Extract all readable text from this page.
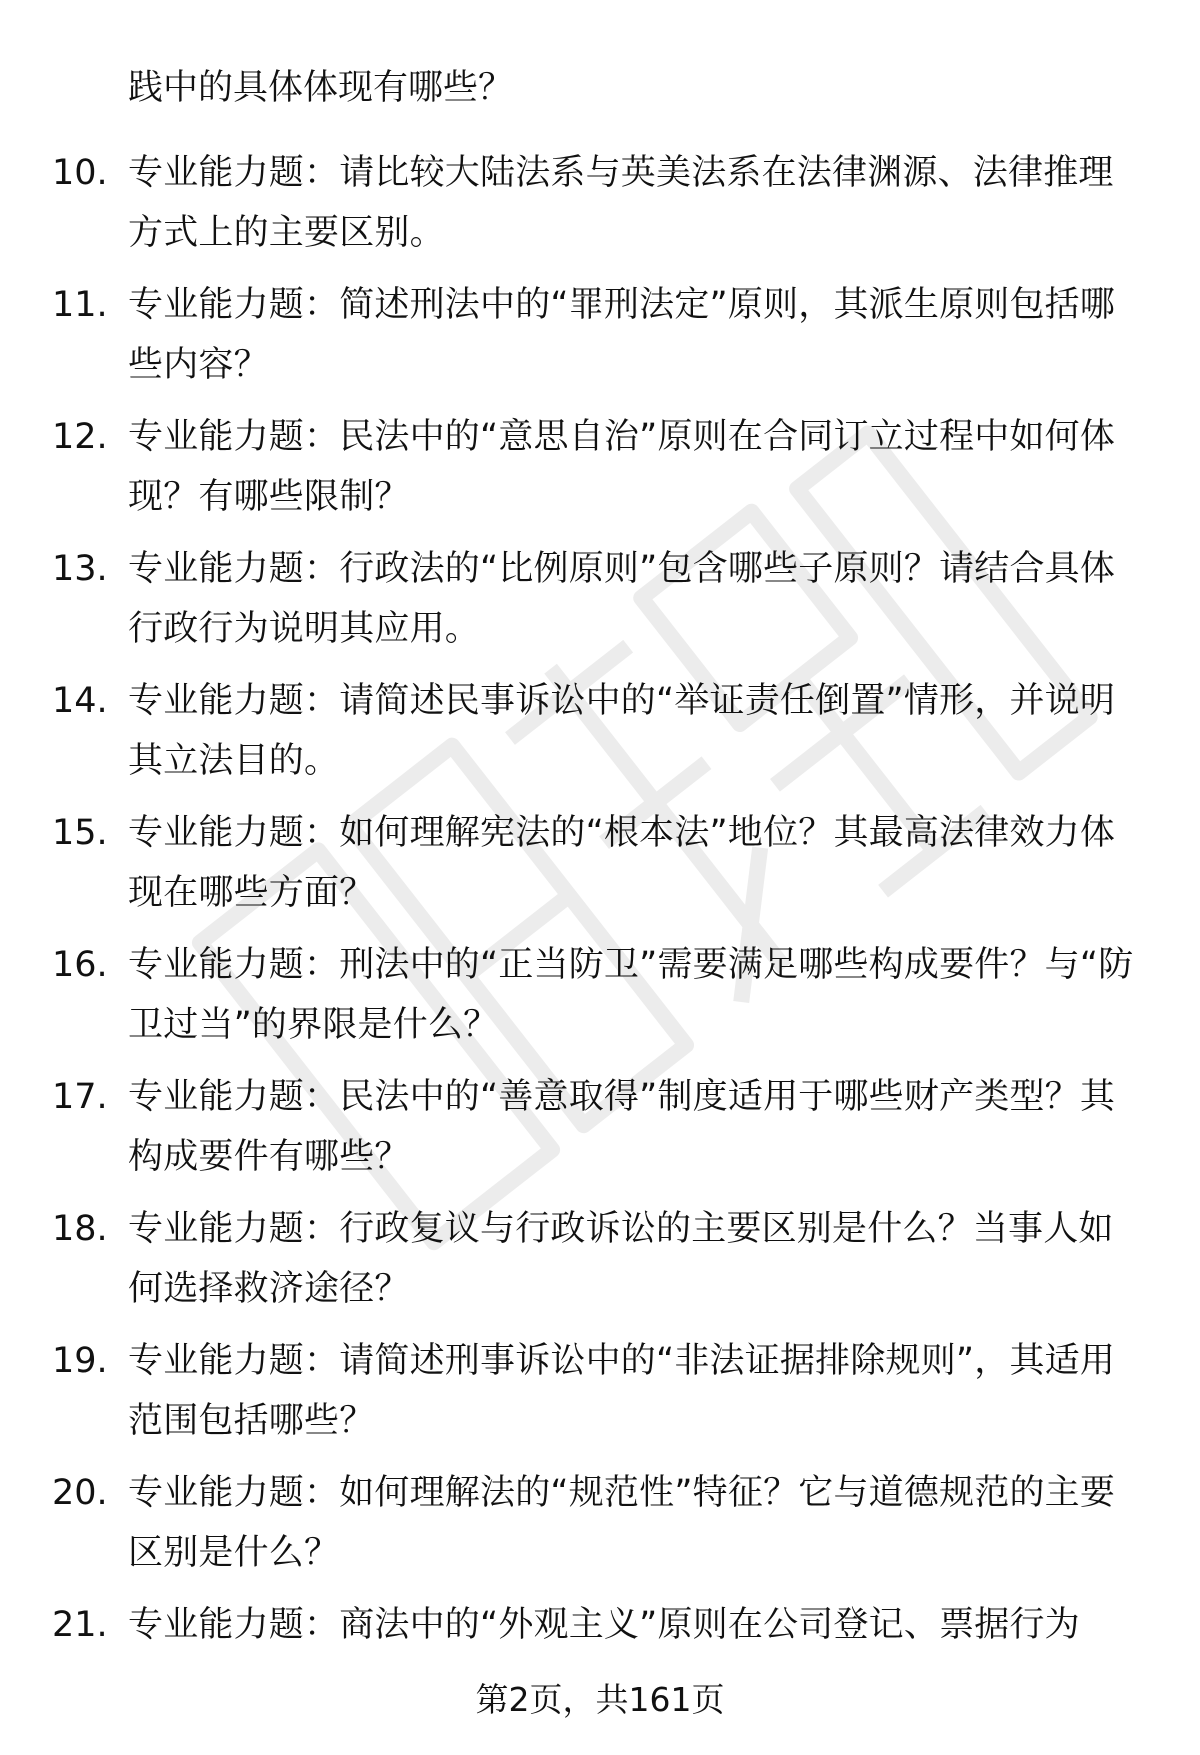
践中的具体体现有哪些？
10. 专业能力题：请比较大陆法系与英美法系在法律渊源、法律推理方式上的主要区别。
11. 专业能力题：简述刑法中的“罪刑法定”原则，其派生原则包括哪些内容？
12. 专业能力题：民法中的“意思自治”原则在合同订立过程中如何体现？有哪些限制？
13. 专业能力题：行政法的“比例原则”包含哪些子原则？请结合具体行政行为说明其应用。
14. 专业能力题：请简述民事诉讼中的“举证责任倒置”情形，并说明其立法目的。
15. 专业能力题：如何理解宪法的“根本法”地位？其最高法律效力体现在哪些方面？
16. 专业能力题：刑法中的“正当防卫”需要满足哪些构成要件？与“防卫过当”的界限是什么？
17. 专业能力题：民法中的“善意取得”制度适用于哪些财产类型？其构成要件有哪些？
18. 专业能力题：行政复议与行政诉讼的主要区别是什么？当事人如何选择救济途径？
19. 专业能力题：请简述刑事诉讼中的“非法证据排除规则”，其适用范围包括哪些？
20. 专业能力题：如何理解法的“规范性”特征？它与道德规范的主要区别是什么？
21. 专业能力题：商法中的“外观主义”原则在公司登记、票据行为
第2页，共161页
